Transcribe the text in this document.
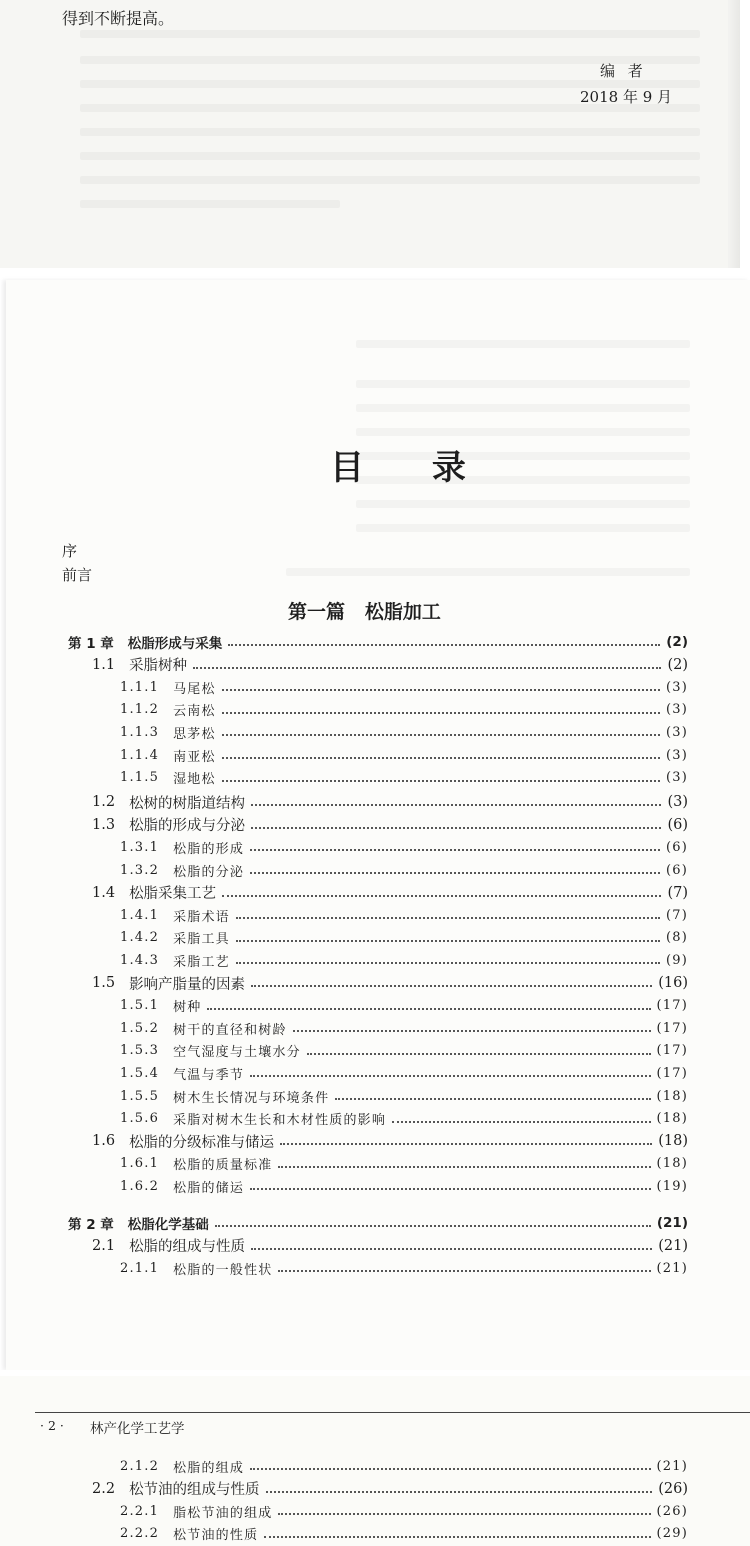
得到不断提高。
编 者
2018 年 9 月
目 录
序
前言
第一篇   松脂加工
第 1 章 松脂形成与采集	(2)
1.1 采脂树种	(2)
1.1.1 马尾松	(3)
1.1.2 云南松	(3)
1.1.3 思茅松	(3)
1.1.4 南亚松	(3)
1.1.5 湿地松	(3)
1.2 松树的树脂道结构	(3)
1.3 松脂的形成与分泌	(6)
1.3.1 松脂的形成	(6)
1.3.2 松脂的分泌	(6)
1.4 松脂采集工艺	(7)
1.4.1 采脂术语	(7)
1.4.2 采脂工具	(8)
1.4.3 采脂工艺	(9)
1.5 影响产脂量的因素	(16)
1.5.1 树种	(17)
1.5.2 树干的直径和树龄	(17)
1.5.3 空气湿度与土壤水分	(17)
1.5.4 气温与季节	(17)
1.5.5 树木生长情况与环境条件	(18)
1.5.6 采脂对树木生长和木材性质的影响	(18)
1.6 松脂的分级标准与储运	(18)
1.6.1 松脂的质量标准	(18)
1.6.2 松脂的储运	(19)
第 2 章 松脂化学基础	(21)
2.1 松脂的组成与性质	(21)
2.1.1 松脂的一般性状	(21)
· 2 · 林产化学工艺学
2.1.2 松脂的组成	(21)
2.2 松节油的组成与性质	(26)
2.2.1 脂松节油的组成	(26)
2.2.2 松节油的性质	(29)
